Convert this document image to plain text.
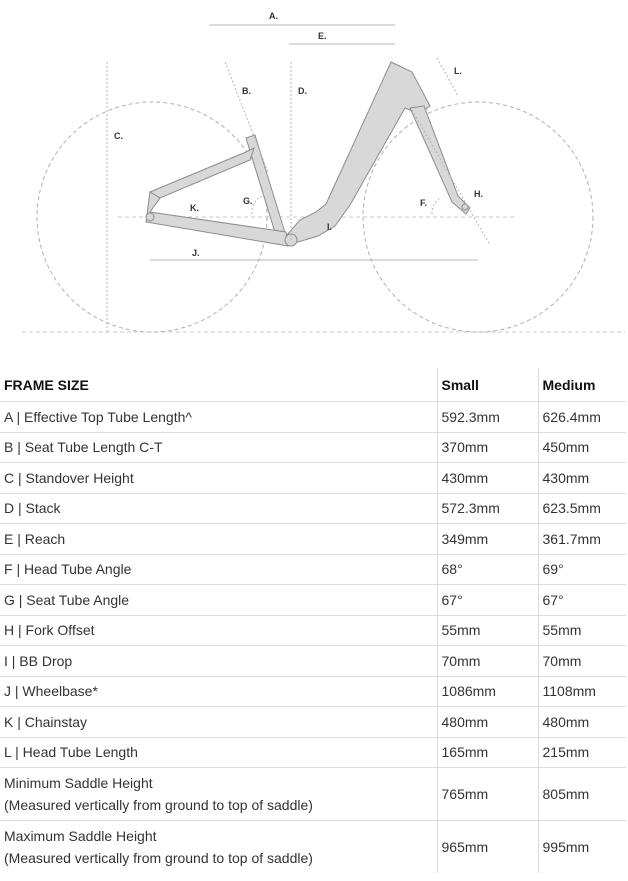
A.
E.
L.
B.	D.
C.
H.
G.	F.
K.
I.
J.
FRAME SIZE	Small	Medium
A | Effective Top Tube Length^	592.3mm	626.4mm
B | Seat Tube Length C-T	370mm	450mm
C | Standover Height	430mm	430mm
D | Stack	572.3mm	623.5mm
E | Reach	349mm	361.7mm
F | Head Tube Angle	68°	69°
G | Seat Tube Angle	67°	67°
H | Fork Offset	55mm	55mm
I | BB Drop	70mm	70mm
J | Wheelbase*	1086mm	1108mm
K | Chainstay	480mm	480mm
L | Head Tube Length	165mm	215mm

Minimum Saddle Height
(Measured vertically from ground to top of saddle)	765mm	805mm

Maximum Saddle Height
(Measured vertically from ground to top of saddle)	965mm	995mm
